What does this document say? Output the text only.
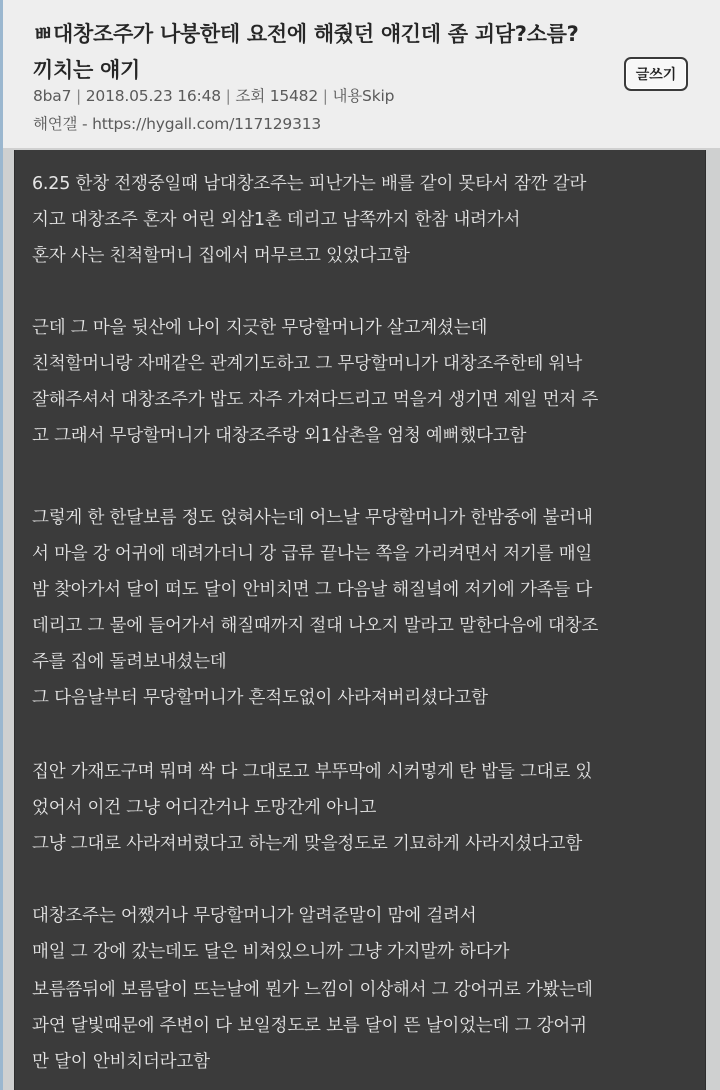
ㅃ대창조주가 나붕한테 요전에 해줬던 얘긴데 좀 괴담?소름?
끼치는 얘기
8ba7 | 2018.05.23 16:48 | 조회 15482 | 내용Skip
해연갤 - https://hygall.com/117129313
글쓰기
6.25 한창 전쟁중일때 남대창조주는 피난가는 배를 같이 못타서 잠깐 갈라
지고 대창조주 혼자 어린 외삼1촌 데리고 남쪽까지 한참 내려가서
혼자 사는 친척할머니 집에서 머무르고 있었다고함
근데 그 마을 뒷산에 나이 지긋한 무당할머니가 살고계셨는데
친척할머니랑 자매같은 관계기도하고 그 무당할머니가 대창조주한테 워낙
잘해주셔서 대창조주가 밥도 자주 가져다드리고 먹을거 생기면 제일 먼저 주
고 그래서 무당할머니가 대창조주랑 외1삼촌을 엄청 예뻐했다고함
그렇게 한 한달보름 정도 얹혀사는데 어느날 무당할머니가 한밤중에 불러내
서 마을 강 어귀에 데려가더니 강 급류 끝나는 쪽을 가리켜면서 저기를 매일
밤 찾아가서 달이 떠도 달이 안비치면 그 다음날 해질녘에 저기에 가족들 다
데리고 그 물에 들어가서 해질때까지 절대 나오지 말라고 말한다음에 대창조
주를 집에 돌려보내셨는데
그 다음날부터 무당할머니가 흔적도없이 사라져버리셨다고함
집안 가재도구며 뭐며 싹 다 그대로고 부뚜막에 시커멓게 탄 밥들 그대로 있
었어서 이건 그냥 어디간거나 도망간게 아니고
그냥 그대로 사라져버렸다고 하는게 맞을정도로 기묘하게 사라지셨다고함
대창조주는 어쨌거나 무당할머니가 알려준말이 맘에 걸려서
매일 그 강에 갔는데도 달은 비쳐있으니까 그냥 가지말까 하다가
보름쯤뒤에 보름달이 뜨는날에 뭔가 느낌이 이상해서 그 강어귀로 가봤는데
과연 달빛때문에 주변이 다 보일정도로 보름 달이 뜬 날이었는데 그 강어귀
만 달이 안비치더라고함
